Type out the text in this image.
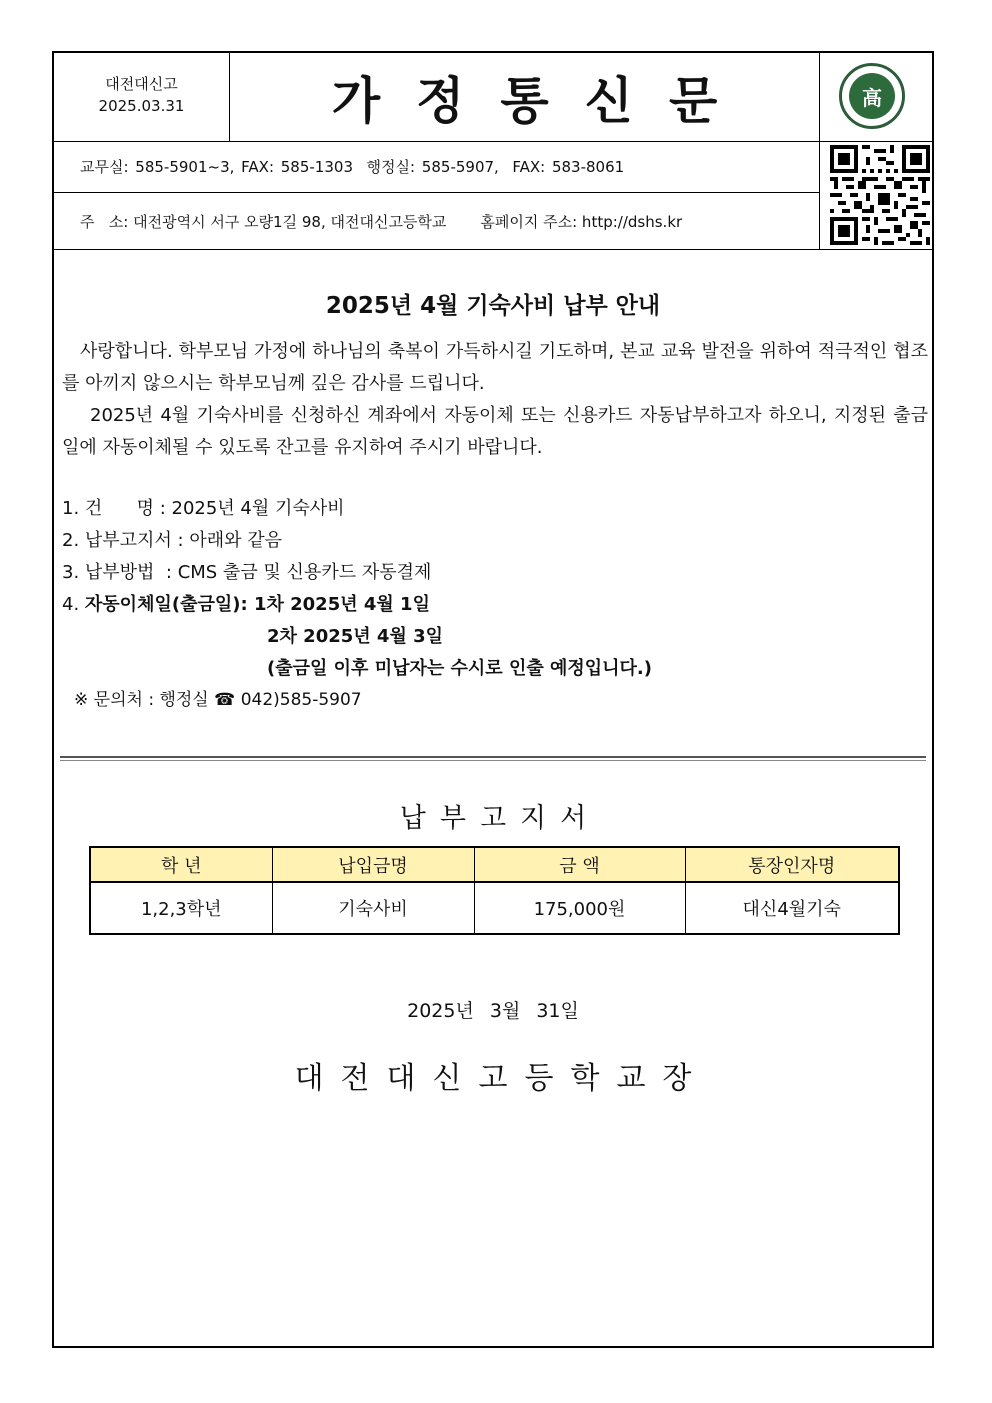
대전대신고
2025.03.31	가정통신문	高
교무실: 585-5901~3, FAX: 585-1303  행정실: 585-5907,  FAX: 583-8061
주   소: 대전광역시 서구 오량1길 98, 대전대신고등학교 홈페이지 주소: http://dshs.kr
2025년 4월 기숙사비 납부 안내
사랑합니다. 학부모님 가정에 하나님의 축복이 가득하시길 기도하며, 본교 교육 발전을 위하여 적극적인 협조를 아끼지 않으시는 학부모님께 깊은 감사를 드립니다.
2025년 4월 기숙사비를 신청하신 계좌에서 자동이체 또는 신용카드 자동납부하고자 하오니, 지정된 출금일에 자동이체될 수 있도록 잔고를 유지하여 주시기 바랍니다.
1. 건      명 : 2025년 4월 기숙사비
2. 납부고지서 : 아래와 같음
3. 납부방법  : CMS 출금 및 신용카드 자동결제
4. 자동이체일(출금일): 1차 2025년 4월 1일
2차 2025년 4월 3일
(출금일 이후 미납자는 수시로 인출 예정입니다.)
※ 문의처 : 행정실 ☎ 042)585-5907
납부고지서
학 년	납입금명	금 액	통장인자명
1,2,3학년	기숙사비	175,000원	대신4월기숙
2025년 3월 31일
대전대신고등학교장
